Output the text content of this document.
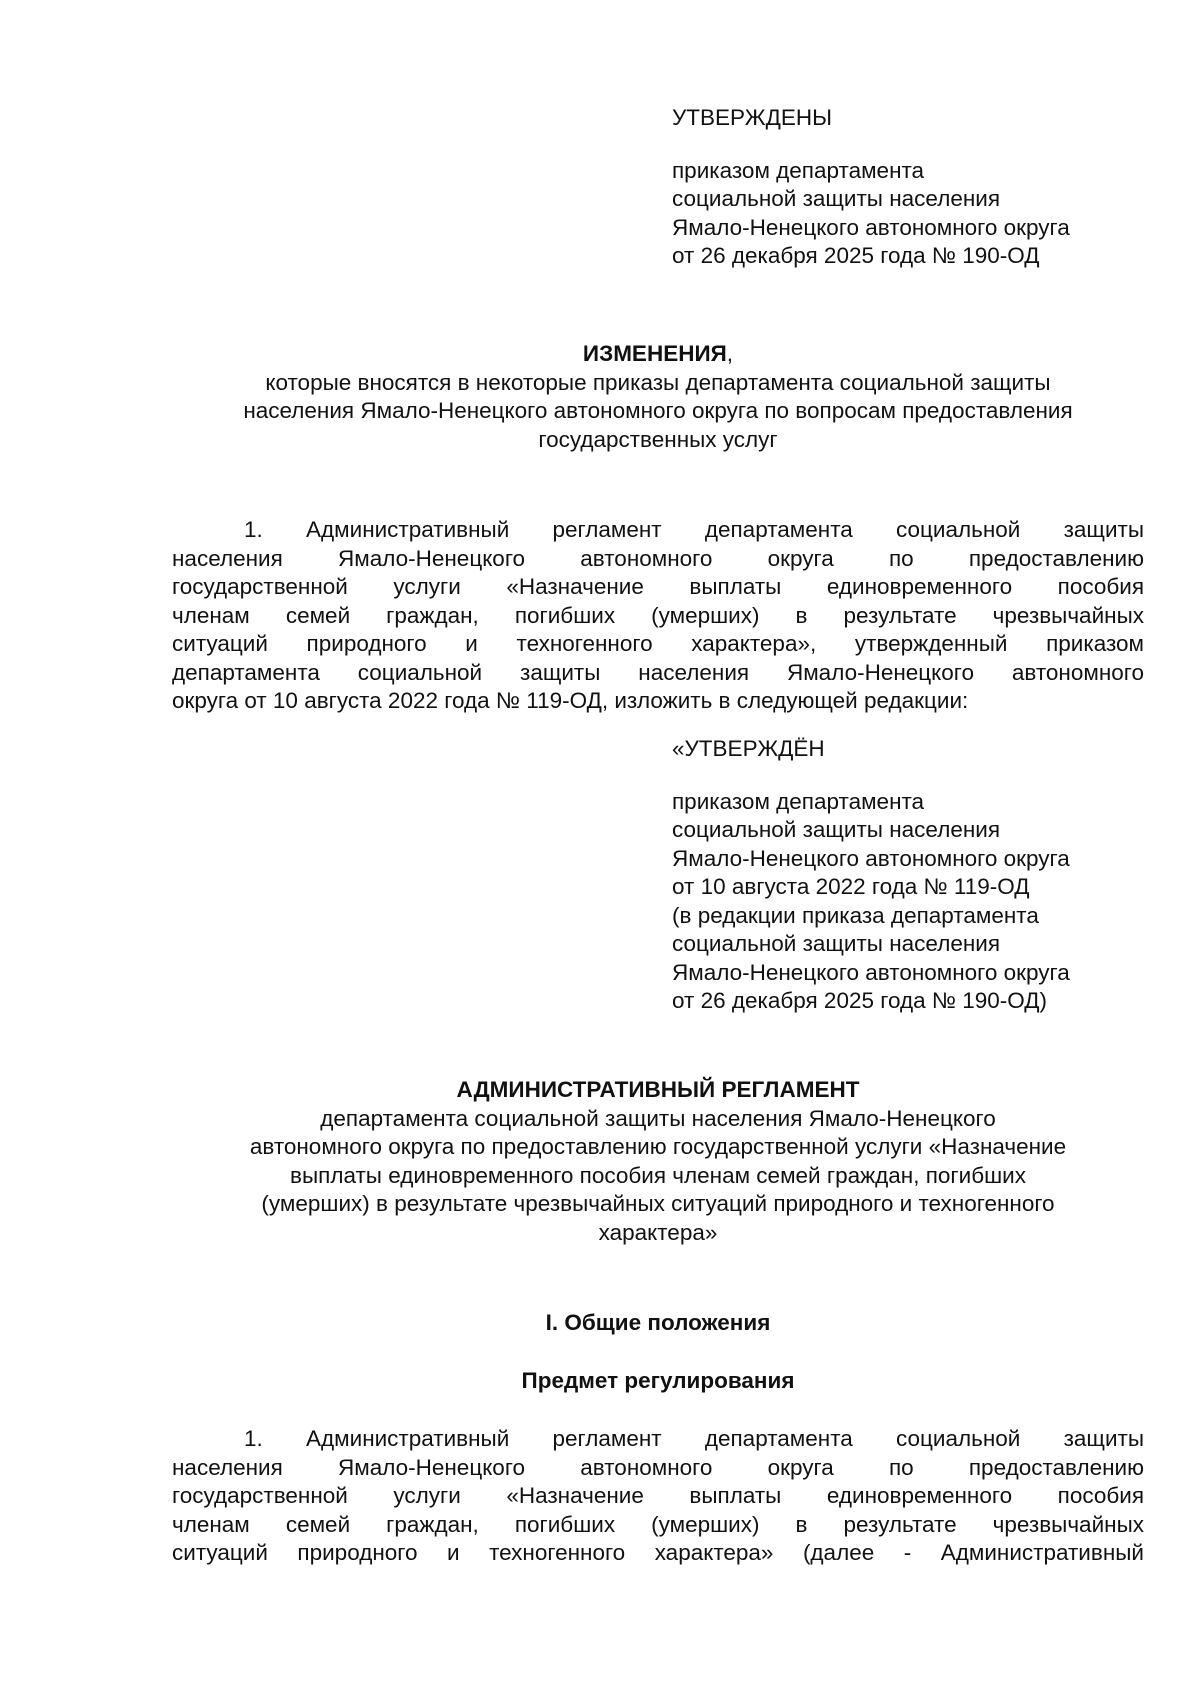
УТВЕРЖДЕНЫ
приказом департамента
социальной защиты населения
Ямало-Ненецкого автономного округа
от 26 декабря 2025 года № 190-ОД
ИЗМЕНЕНИЯ,
которые вносятся в некоторые приказы департамента социальной защиты
населения Ямало-Ненецкого автономного округа по вопросам предоставления
государственных услуг
1. Административный регламент департамента социальной защиты
населения Ямало-Ненецкого автономного округа по предоставлению
государственной услуги «Назначение выплаты единовременного пособия
членам семей граждан, погибших (умерших) в результате чрезвычайных
ситуаций природного и техногенного характера», утвержденный приказом
департамента социальной защиты населения Ямало-Ненецкого автономного
округа от 10 августа 2022 года № 119-ОД, изложить в следующей редакции:
«УТВЕРЖДЁН
приказом департамента
социальной защиты населения
Ямало-Ненецкого автономного округа
от 10 августа 2022 года № 119-ОД
(в редакции приказа департамента
социальной защиты населения
Ямало-Ненецкого автономного округа
от 26 декабря 2025 года № 190-ОД)
АДМИНИСТРАТИВНЫЙ РЕГЛАМЕНТ
департамента социальной защиты населения Ямало-Ненецкого
автономного округа по предоставлению государственной услуги «Назначение
выплаты единовременного пособия членам семей граждан, погибших
(умерших) в результате чрезвычайных ситуаций природного и техногенного
характера»
I. Общие положения
Предмет регулирования
1. Административный регламент департамента социальной защиты
населения Ямало-Ненецкого автономного округа по предоставлению
государственной услуги «Назначение выплаты единовременного пособия
членам семей граждан, погибших (умерших) в результате чрезвычайных
ситуаций природного и техногенного характера» (далее - Административный
